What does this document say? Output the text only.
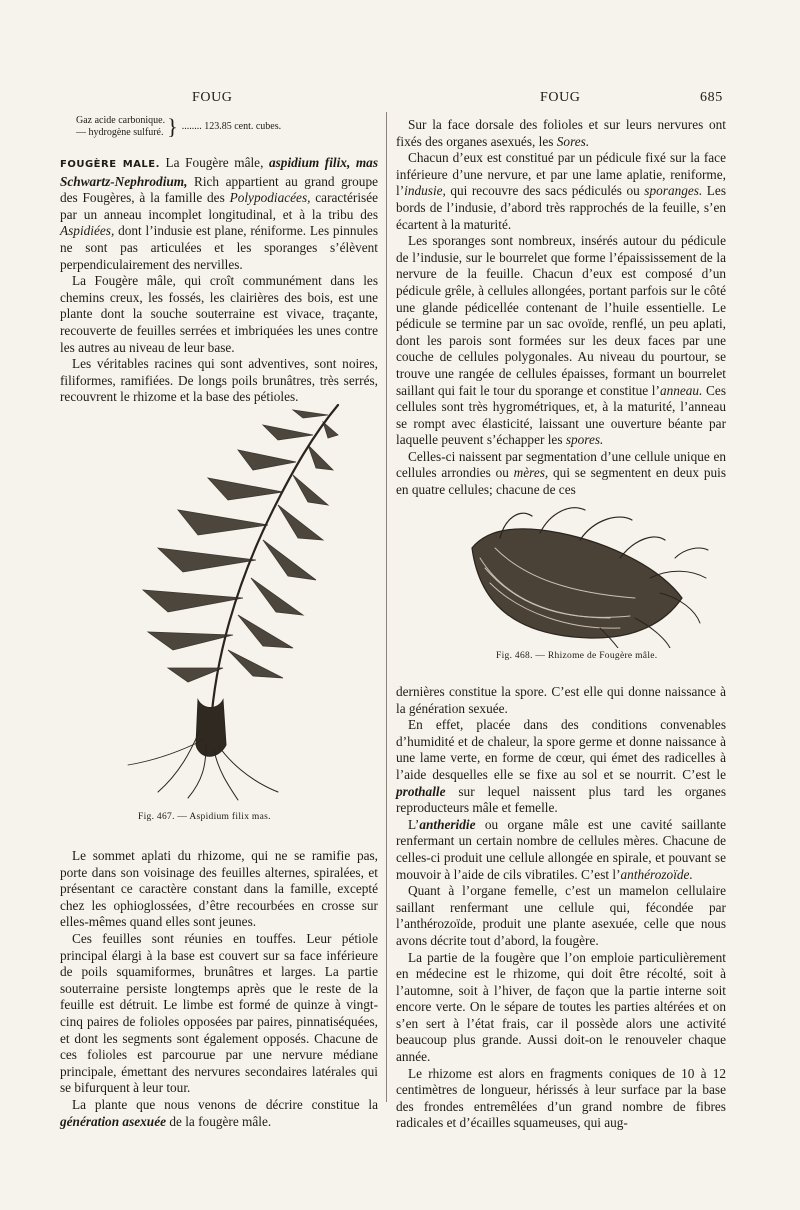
FOUG	FOUG	685
Gaz acide carbonique.
— hydrogène sulfuré. } ........ 123.85 cent. cubes.

FOUGÈRE MALE. La Fougère mâle, aspidium filix, mas Schwartz-Nephrodium, Rich appartient au grand groupe des Fougères, à la famille des Polypodiacées, caractérisée par un anneau incomplet longitudinal, et à la tribu des Aspidiées, dont l’indusie est plane, réniforme. Les pinnules ne sont pas articulées et les sporanges s’élèvent perpendiculairement des nervilles.

La Fougère mâle, qui croît communément dans les chemins creux, les fossés, les clairières des bois, est une plante dont la souche souterraine est vivace, traçante, recouverte de feuilles serrées et imbriquées les unes contre les autres au niveau de leur base.

Les véritables racines qui sont adventives, sont noires, filiformes, ramifiées. De longs poils brunâtres, très serrés, recouvrent le rhizome et la base des pétioles.

Fig. 467. — Aspidium filix mas.

Le sommet aplati du rhizome, qui ne se ramifie pas, porte dans son voisinage des feuilles alternes, spiralées, et présentant ce caractère constant dans la famille, excepté chez les ophioglossées, d’être recourbées en crosse sur elles-mêmes quand elles sont jeunes.

Ces feuilles sont réunies en touffes. Leur pétiole principal élargi à la base est couvert sur sa face inférieure de poils squamiformes, brunâtres et larges. La partie souterraine persiste longtemps après que le reste de la feuille est détruit. Le limbe est formé de quinze à vingt-cinq paires de folioles opposées par paires, pinnatiséquées, et dont les segments sont également opposés. Chacune de ces folioles est parcourue par une nervure médiane principale, émettant des nervures secondaires latérales qui se bifurquent à leur tour.

La plante que nous venons de décrire constitue la génération asexuée de la fougère mâle.

Sur la face dorsale des folioles et sur leurs nervures ont fixés des organes asexués, les Sores.

Chacun d’eux est constitué par un pédicule fixé sur la face inférieure d’une nervure, et par une lame aplatie, reniforme, l’indusie, qui recouvre des sacs pédiculés ou sporanges. Les bords de l’indusie, d’abord très rapprochés de la feuille, s’en écartent à la maturité.

Les sporanges sont nombreux, insérés autour du pédicule de l’indusie, sur le bourrelet que forme l’épaississement de la nervure de la feuille. Chacun d’eux est composé d’un pédicule grêle, à cellules allongées, portant parfois sur le côté une glande pédicellée contenant de l’huile essentielle. Le pédicule se termine par un sac ovoïde, renflé, un peu aplati, dont les parois sont formées sur les deux faces par une couche de cellules polygonales. Au niveau du pourtour, se trouve une rangée de cellules épaisses, formant un bourrelet saillant qui fait le tour du sporange et constitue l’anneau. Ces cellules sont très hygrométriques, et, à la maturité, l’anneau se rompt avec élasticité, laissant une ouverture béante par laquelle peuvent s’échapper les spores.

Celles-ci naissent par segmentation d’une cellule unique en cellules arrondies ou mères, qui se segmentent en deux puis en quatre cellules; chacune de ces

Fig. 468. — Rhizome de Fougère mâle.

dernières constitue la spore. C’est elle qui donne naissance à la génération sexuée.

En effet, placée dans des conditions convenables d’humidité et de chaleur, la spore germe et donne naissance à une lame verte, en forme de cœur, qui émet des radicelles à l’aide desquelles elle se fixe au sol et se nourrit. C’est le prothalle sur lequel naissent plus tard les organes reproducteurs mâle et femelle.

L’antheridie ou organe mâle est une cavité saillante renfermant un certain nombre de cellules mères. Chacune de celles-ci produit une cellule allongée en spirale, et pouvant se mouvoir à l’aide de cils vibratiles. C’est l’anthérozoïde.

Quant à l’organe femelle, c’est un mamelon cellulaire saillant renfermant une cellule qui, fécondée par l’anthérozoïde, produit une plante asexuée, celle que nous avons décrite tout d’abord, la fougère.

La partie de la fougère que l’on emploie particulièrement en médecine est le rhizome, qui doit être récolté, soit à l’automne, soit à l’hiver, de façon que la partie interne soit encore verte. On le sépare de toutes les parties altérées et on s’en sert à l’état frais, car il possède alors une activité beaucoup plus grande. Aussi doit-on le renouveler chaque année.

Le rhizome est alors en fragments coniques de 10 à 12 centimètres de longueur, hérissés à leur surface par la base des frondes entremêlées d’un grand nombre de fibres radicales et d’écailles squameuses, qui aug-
